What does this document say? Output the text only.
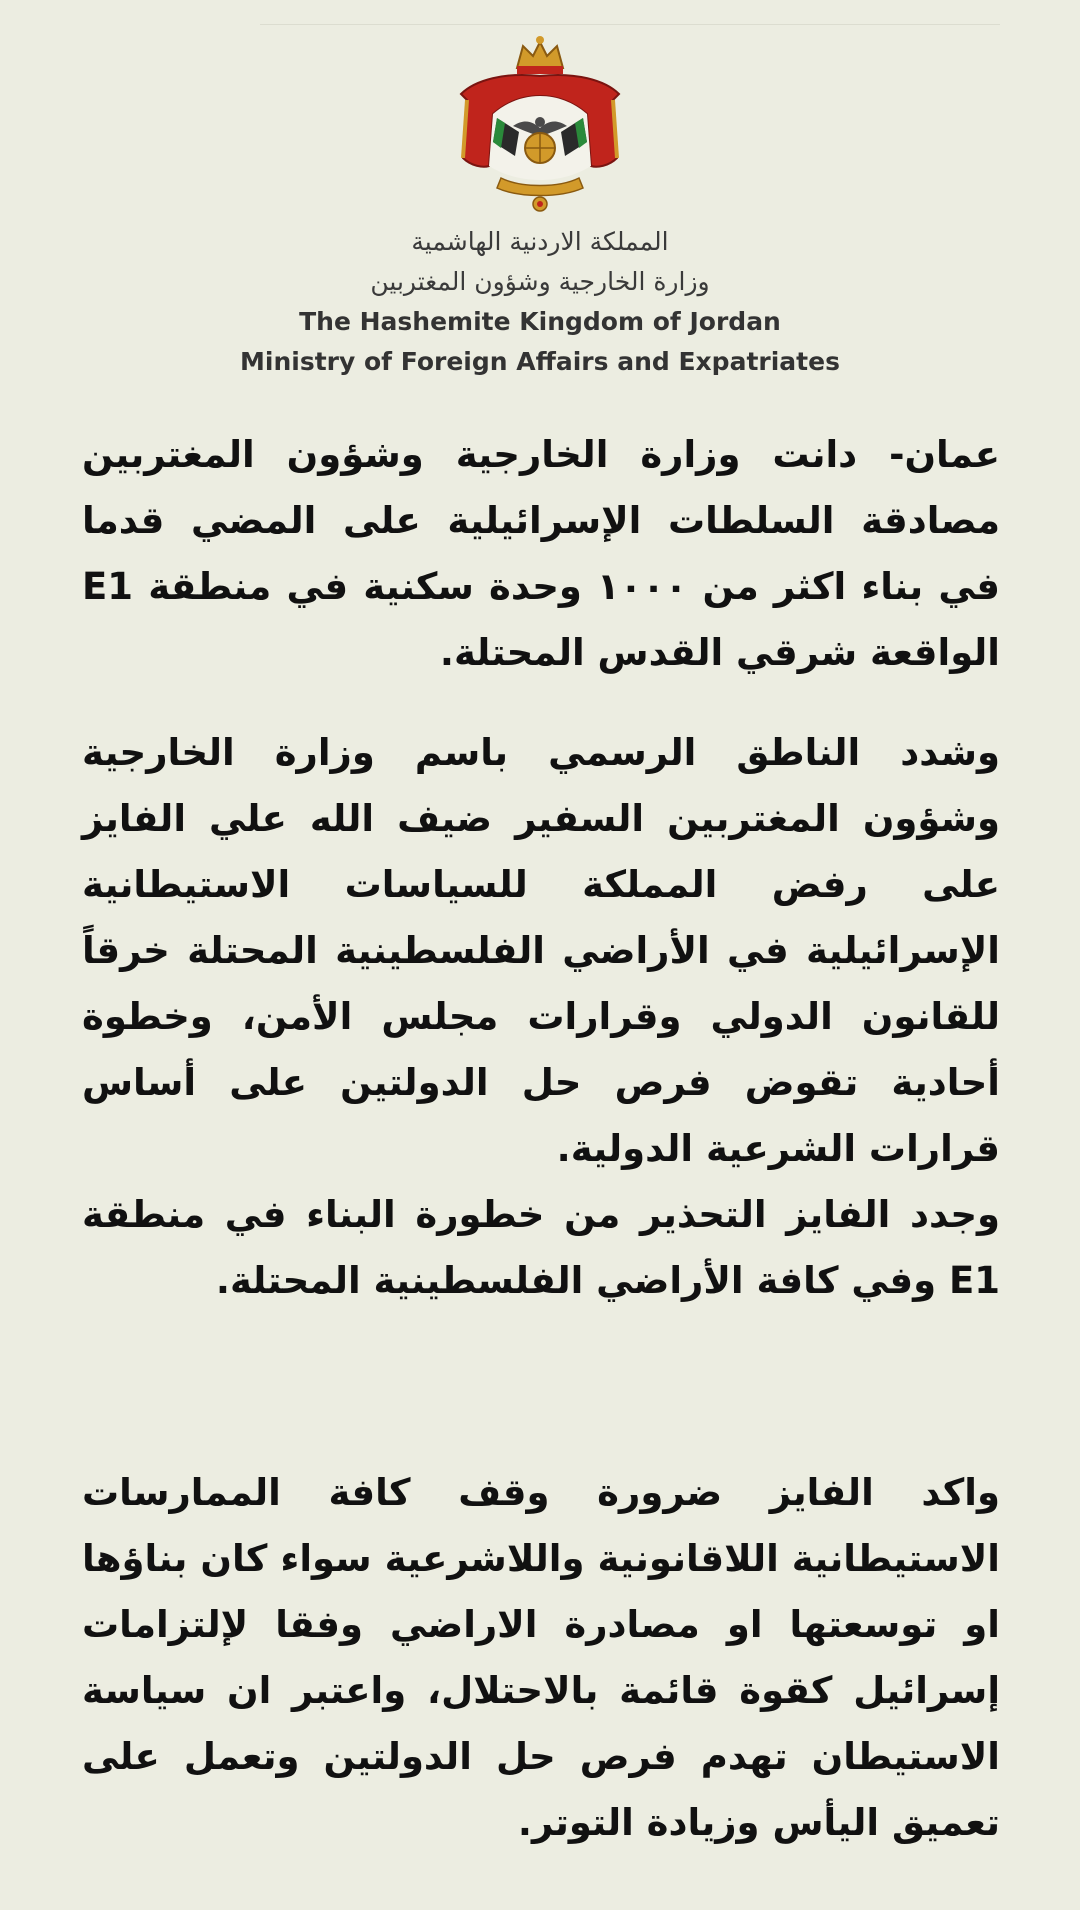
المملكة الاردنية الهاشمية
وزارة الخارجية وشؤون المغتربين
The Hashemite Kingdom of Jordan
Ministry of Foreign Affairs and Expatriates

عمان- دانت وزارة الخارجية وشؤون المغتربين مصادقة السلطات الإسرائيلية على المضي قدما في بناء اكثر من ١٠٠٠ وحدة سكنية في منطقة E1 الواقعة شرقي القدس المحتلة.

وشدد الناطق الرسمي باسم وزارة الخارجية وشؤون المغتربين السفير ضيف الله علي الفايز على رفض المملكة للسياسات الاستيطانية الإسرائيلية في الأراضي الفلسطينية المحتلة خرقاً للقانون الدولي وقرارات مجلس الأمن، وخطوة أحادية تقوض فرص حل الدولتين على أساس قرارات الشرعية الدولية.

وجدد الفايز التحذير من خطورة البناء في منطقة E1 وفي كافة الأراضي الفلسطينية المحتلة.

واكد الفايز ضرورة وقف كافة الممارسات الاستيطانية اللاقانونية واللاشرعية سواء كان بناؤها او توسعتها او مصادرة الاراضي وفقا لإلتزامات إسرائيل كقوة قائمة بالاحتلال، واعتبر ان سياسة الاستيطان تهدم فرص حل الدولتين وتعمل على تعميق اليأس وزيادة التوتر.
